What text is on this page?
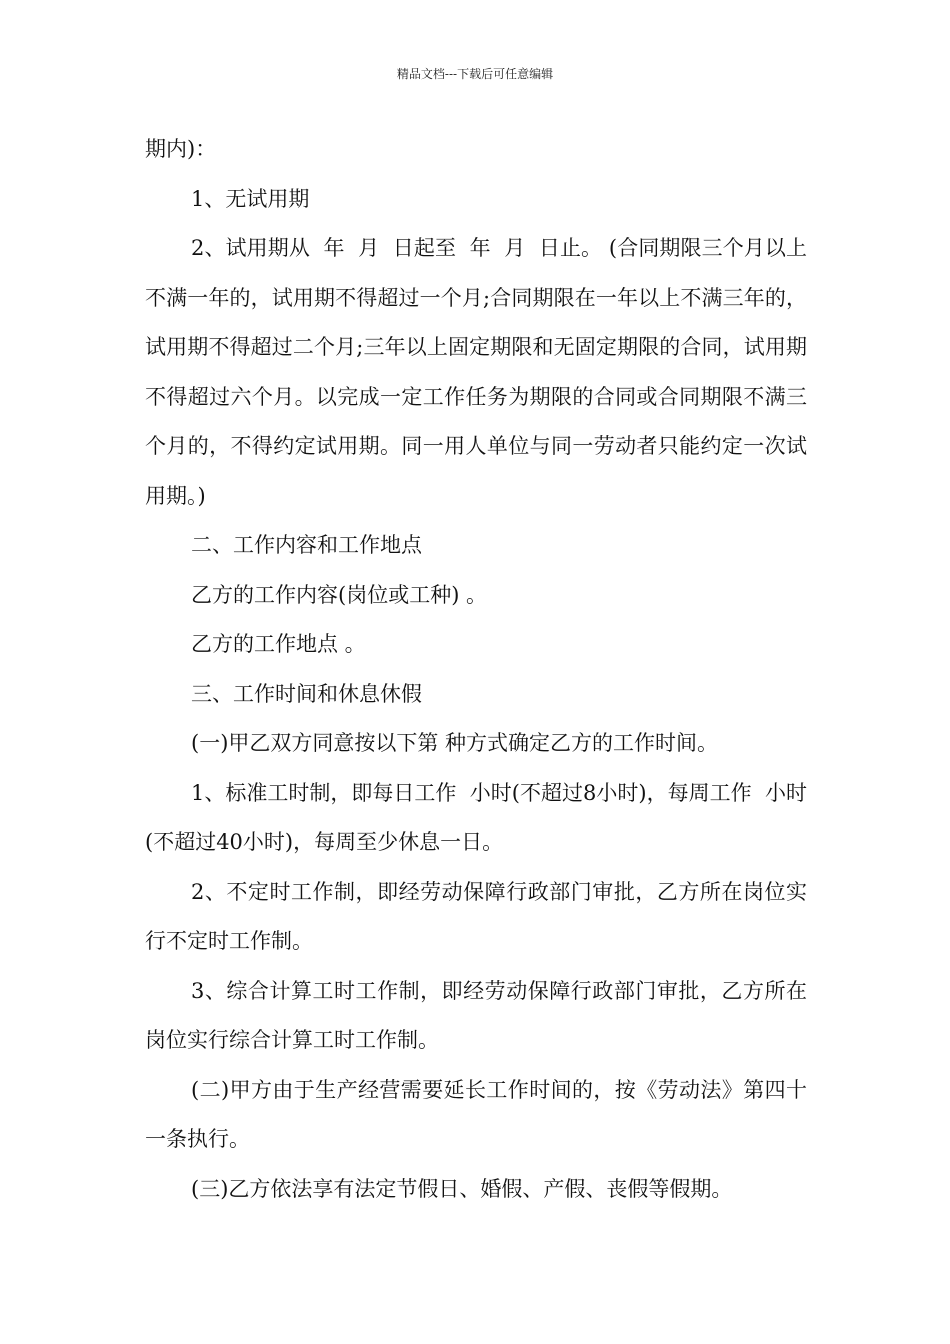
精品文档---下载后可任意编辑

期内)：

1、无试用期

2、试用期从  年  月  日起至  年  月  日止。 (合同期限三个月以上不满一年的，试用期不得超过一个月;合同期限在一年以上不满三年的，试用期不得超过二个月;三年以上固定期限和无固定期限的合同，试用期不得超过六个月。以完成一定工作任务为期限的合同或合同期限不满三个月的，不得约定试用期。同一用人单位与同一劳动者只能约定一次试用期。)

二、工作内容和工作地点

乙方的工作内容(岗位或工种) 。

乙方的工作地点 。

三、工作时间和休息休假

(一)甲乙双方同意按以下第 种方式确定乙方的工作时间。

1、标准工时制，即每日工作  小时(不超过8小时)，每周工作  小时(不超过40小时)，每周至少休息一日。

2、不定时工作制，即经劳动保障行政部门审批，乙方所在岗位实行不定时工作制。

3、综合计算工时工作制，即经劳动保障行政部门审批，乙方所在岗位实行综合计算工时工作制。

(二)甲方由于生产经营需要延长工作时间的，按《劳动法》第四十一条执行。

(三)乙方依法享有法定节假日、婚假、产假、丧假等假期。
